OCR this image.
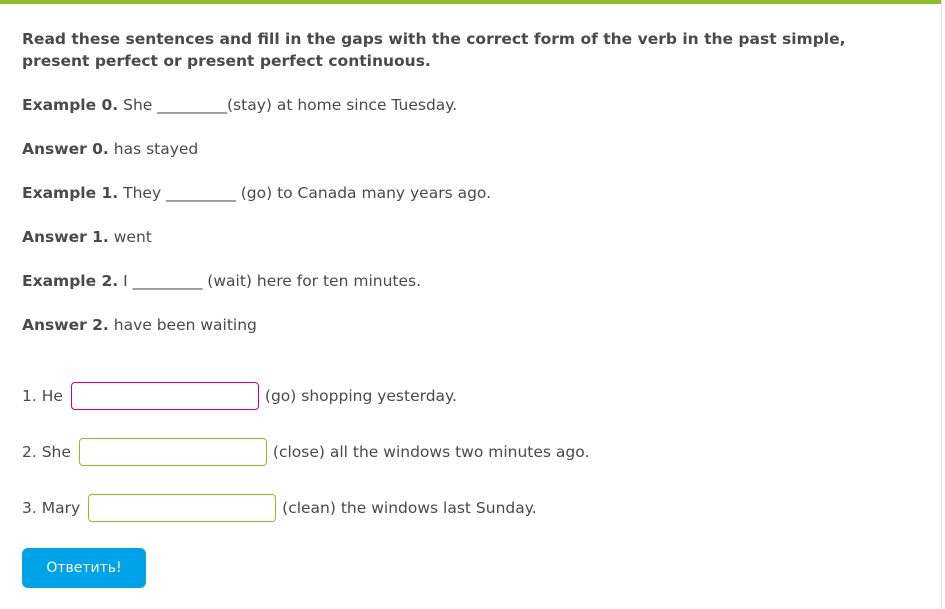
Read these sentences and fill in the gaps with the correct form of the verb in the past simple, present perfect or present perfect continuous.

Example 0. She _________(stay) at home since Tuesday.
Answer 0. has stayed
Example 1. They _________ (go) to Canada many years ago.
Answer 1. went
Example 2. I _________ (wait) here for ten minutes.
Answer 2. have been waiting
1. He	(go) shopping yesterday.
2. She	(close) all the windows two minutes ago.
3. Mary	(clean) the windows last Sunday.
Ответить!
